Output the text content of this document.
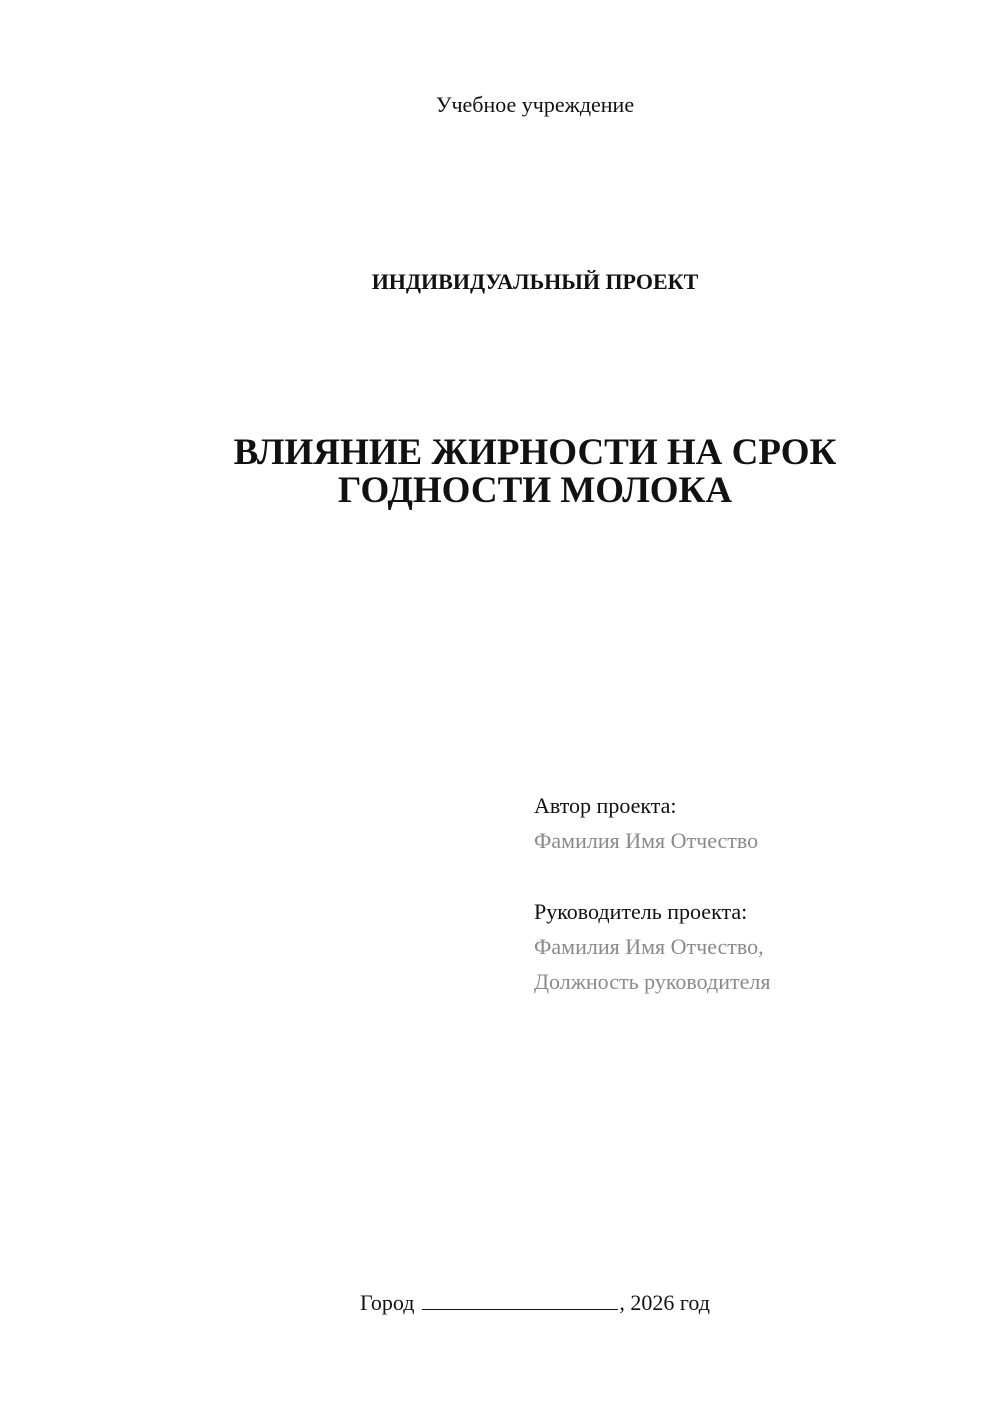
Учебное учреждение
ИНДИВИДУАЛЬНЫЙ ПРОЕКТ
ВЛИЯНИЕ ЖИРНОСТИ НА СРОК
ГОДНОСТИ МОЛОКА
Автор проекта:
Фамилия Имя Отчество
Руководитель проекта:
Фамилия Имя Отчество,
Должность руководителя
Город	, 2026 год
